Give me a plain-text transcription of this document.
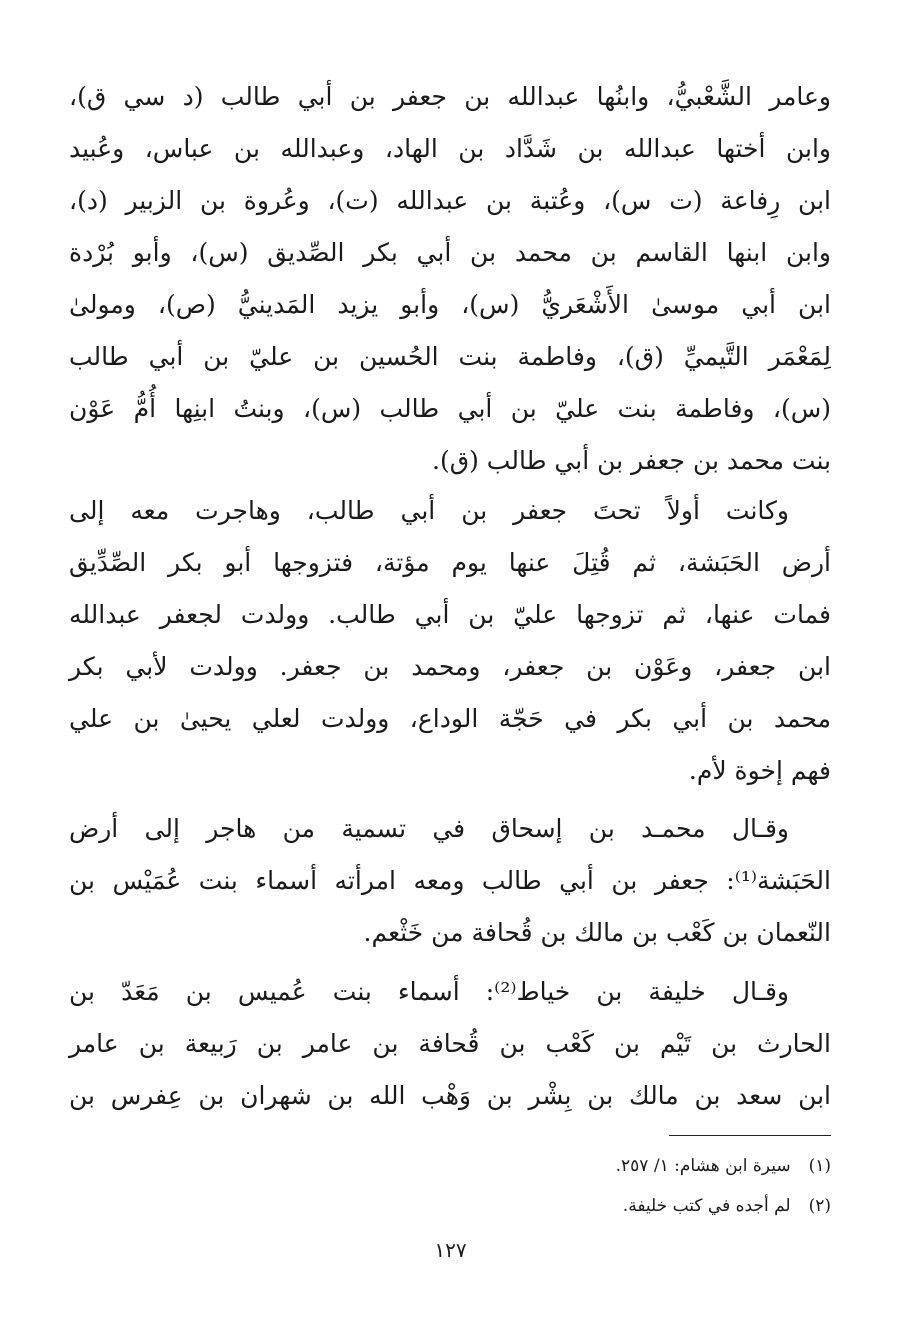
وعامر الشَّعْبيُّ، وابنُها عبدالله بن جعفر بن أبي طالب (د سي ق)،
وابن أختها عبدالله بن شَدَّاد بن الهاد، وعبدالله بن عباس، وعُبيد
ابن رِفاعة (ت س)، وعُتبة بن عبدالله (ت)، وعُروة بن الزبير (د)،
وابن ابنها القاسم بن محمد بن أبي بكر الصِّديق (س)، وأبو بُرْدة
ابن أبي موسىٰ الأَشْعَريُّ (س)، وأبو يزيد المَدينيُّ (ص)، ومولىٰ
لِمَعْمَر التَّيميِّ (ق)، وفاطمة بنت الحُسين بن عليّ بن أبي طالب
(س)، وفاطمة بنت عليّ بن أبي طالب (س)، وبنتُ ابنِها أُمُّ عَوْن
بنت محمد بن جعفر بن أبي طالب (ق).
وكانت أولاً تحتَ جعفر بن أبي طالب، وهاجرت معه إلى
أرض الحَبَشة، ثم قُتِلَ عنها يوم مؤتة، فتزوجها أبو بكر الصِّدِّيق
فمات عنها، ثم تزوجها عليّ بن أبي طالب. وولدت لجعفر عبدالله
ابن جعفر، وعَوْن بن جعفر، ومحمد بن جعفر. وولدت لأبي بكر
محمد بن أبي بكر في حَجّة الوداع، وولدت لعلي يحيىٰ بن علي
فهم إخوة لأم.
وقـال محمـد بن إسحاق في تسمية من هاجر إلى أرض
الحَبَشة⁽¹⁾: جعفر بن أبي طالب ومعه امرأته أسماء بنت عُمَيْس بن
النّعمان بن كَعْب بن مالك بن قُحافة من خَثْعم.
وقـال خليفة بن خياط⁽²⁾: أسماء بنت عُميس بن مَعَدّ بن
الحارث بن تَيْم بن كَعْب بن قُحافة بن عامر بن رَبيعة بن عامر
ابن سعد بن مالك بن بِشْر بن وَهْب الله بن شهران بن عِفرس بن
(١)سيرة ابن هشام: ١/ ٢٥٧.
(٢)لم أجده في كتب خليفة.
١٢٧
